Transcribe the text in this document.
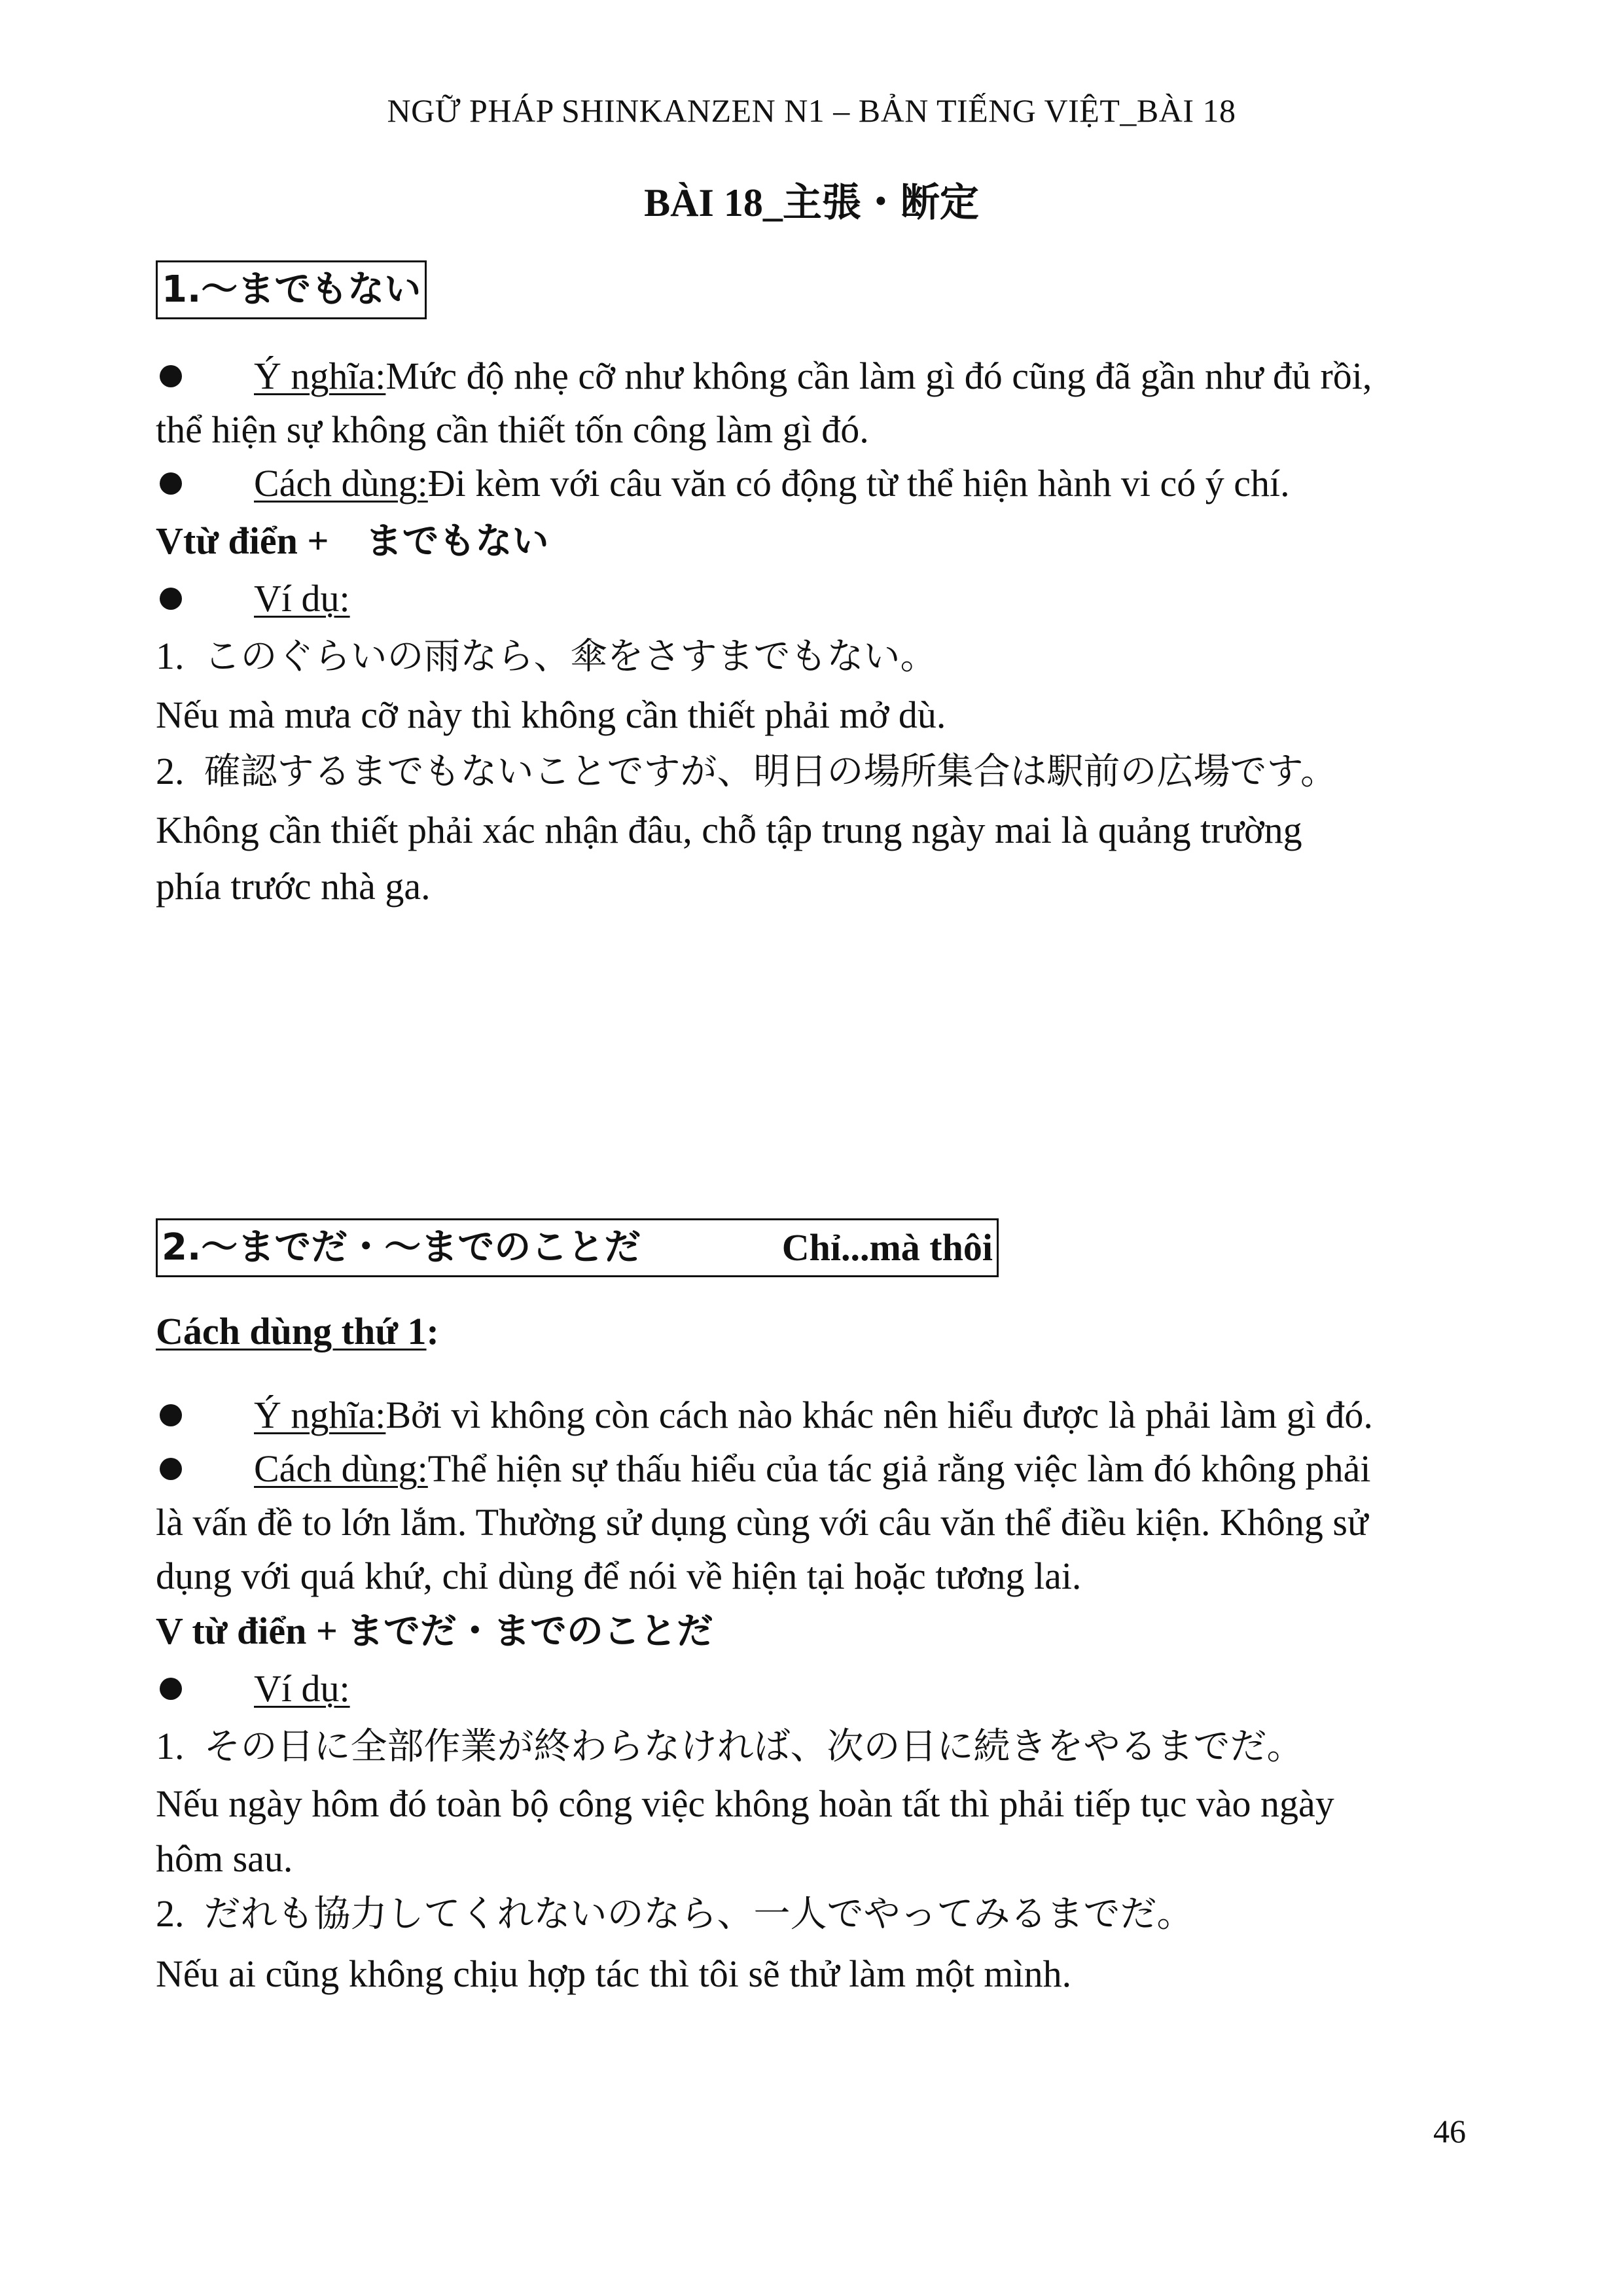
NGỮ PHÁP SHINKANZEN N1 – BẢN TIẾNG VIỆT_BÀI 18
BÀI 18_主張・断定
1.〜までもない
Ý nghĩa:Mức độ nhẹ cỡ như không cần làm gì đó cũng đã gần như đủ rồi,
thể hiện sự không cần thiết tốn công làm gì đó.
Cách dùng:Đi kèm với câu văn có động từ thể hiện hành vi có ý chí.
Vtừ điển + までもない
Ví dụ:
1. このぐらいの雨なら、傘をさすまでもない。
Nếu mà mưa cỡ này thì không cần thiết phải mở dù.
2. 確認するまでもないことですが、明日の場所集合は駅前の広場です。
Không cần thiết phải xác nhận đâu, chỗ tập trung ngày mai là quảng trường
phía trước nhà ga.
2.〜までだ・〜までのことだ	Chỉ...mà thôi
Cách dùng thứ 1:
Ý nghĩa:Bởi vì không còn cách nào khác nên hiểu được là phải làm gì đó.
Cách dùng:Thể hiện sự thấu hiểu của tác giả rằng việc làm đó không phải
là vấn đề to lớn lắm. Thường sử dụng cùng với câu văn thể điều kiện. Không sử
dụng với quá khứ, chỉ dùng để nói về hiện tại hoặc tương lai.
V từ điển + までだ・までのことだ
Ví dụ:
1. その日に全部作業が終わらなければ、次の日に続きをやるまでだ。
Nếu ngày hôm đó toàn bộ công việc không hoàn tất thì phải tiếp tục vào ngày
hôm sau.
2. だれも協力してくれないのなら、一人でやってみるまでだ。
Nếu ai cũng không chịu hợp tác thì tôi sẽ thử làm một mình.
46
